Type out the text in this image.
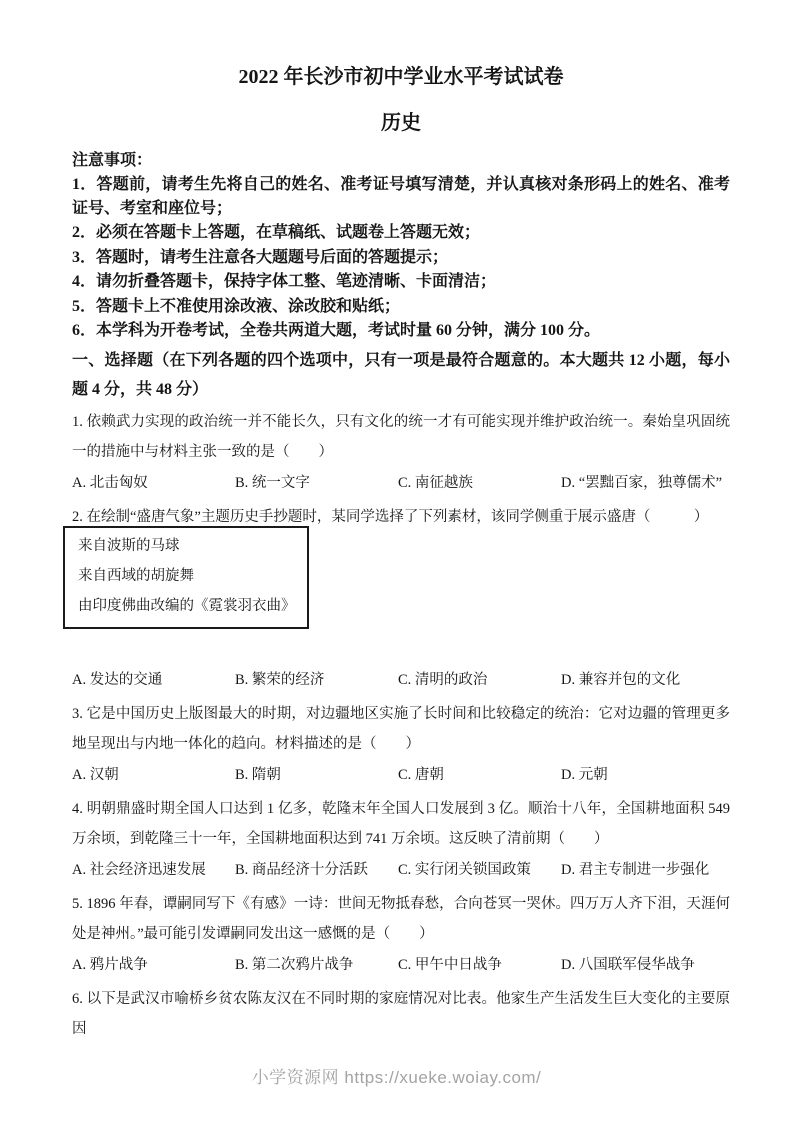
2022 年长沙市初中学业水平考试试卷

历史

注意事项：

1．答题前，请考生先将自己的姓名、准考证号填写清楚，并认真核对条形码上的姓名、准考证号、考室和座位号；

2．必须在答题卡上答题，在草稿纸、试题卷上答题无效；

3．答题时，请考生注意各大题题号后面的答题提示；

4．请勿折叠答题卡，保持字体工整、笔迹清晰、卡面清洁；

5．答题卡上不准使用涂改液、涂改胶和贴纸；

6．本学科为开卷考试，全卷共两道大题，考试时量 60 分钟，满分 100 分。

一、选择题（在下列各题的四个选项中，只有一项是最符合题意的。本大题共 12 小题，每小题 4 分，共 48 分）

1. 依赖武力实现的政治统一并不能长久，只有文化的统一才有可能实现并维护政治统一。秦始皇巩固统一的措施中与材料主张一致的是（　　）

A. 北击匈奴	B. 统一文字	C. 南征越族	D. “罢黜百家，独尊儒术”

2. 在绘制“盛唐气象”主题历史手抄题时，某同学选择了下列素材，该同学侧重于展示盛唐（　　　）

来自波斯的马球

来自西域的胡旋舞

由印度佛曲改编的《霓裳羽衣曲》

A. 发达的交通	B. 繁荣的经济	C. 清明的政治	D. 兼容并包的文化

3. 它是中国历史上版图最大的时期，对边疆地区实施了长时间和比较稳定的统治：它对边疆的管理更多地呈现出与内地一体化的趋向。材料描述的是（　　）

A. 汉朝	B. 隋朝	C. 唐朝	D. 元朝

4. 明朝鼎盛时期全国人口达到 1 亿多，乾隆末年全国人口发展到 3 亿。顺治十八年，全国耕地面积 549 万余顷，到乾隆三十一年，全国耕地面积达到 741 万余顷。这反映了清前期（　　）

A. 社会经济迅速发展 B. 商品经济十分活跃 C. 实行闭关锁国政策 D. 君主专制进一步强化

5. 1896 年春，谭嗣同写下《有感》一诗：世间无物抵春愁，合向苍冥一哭休。四万万人齐下泪，天涯何处是神州。”最可能引发谭嗣同发出这一感慨的是（　　）

A. 鸦片战争	B. 第二次鸦片战争	C. 甲午中日战争	D. 八国联军侵华战争

6. 以下是武汉市喻桥乡贫农陈友汉在不同时期的家庭情况对比表。他家生产生活发生巨大变化的主要原因

小学资源网 https://xueke.woiay.com/
